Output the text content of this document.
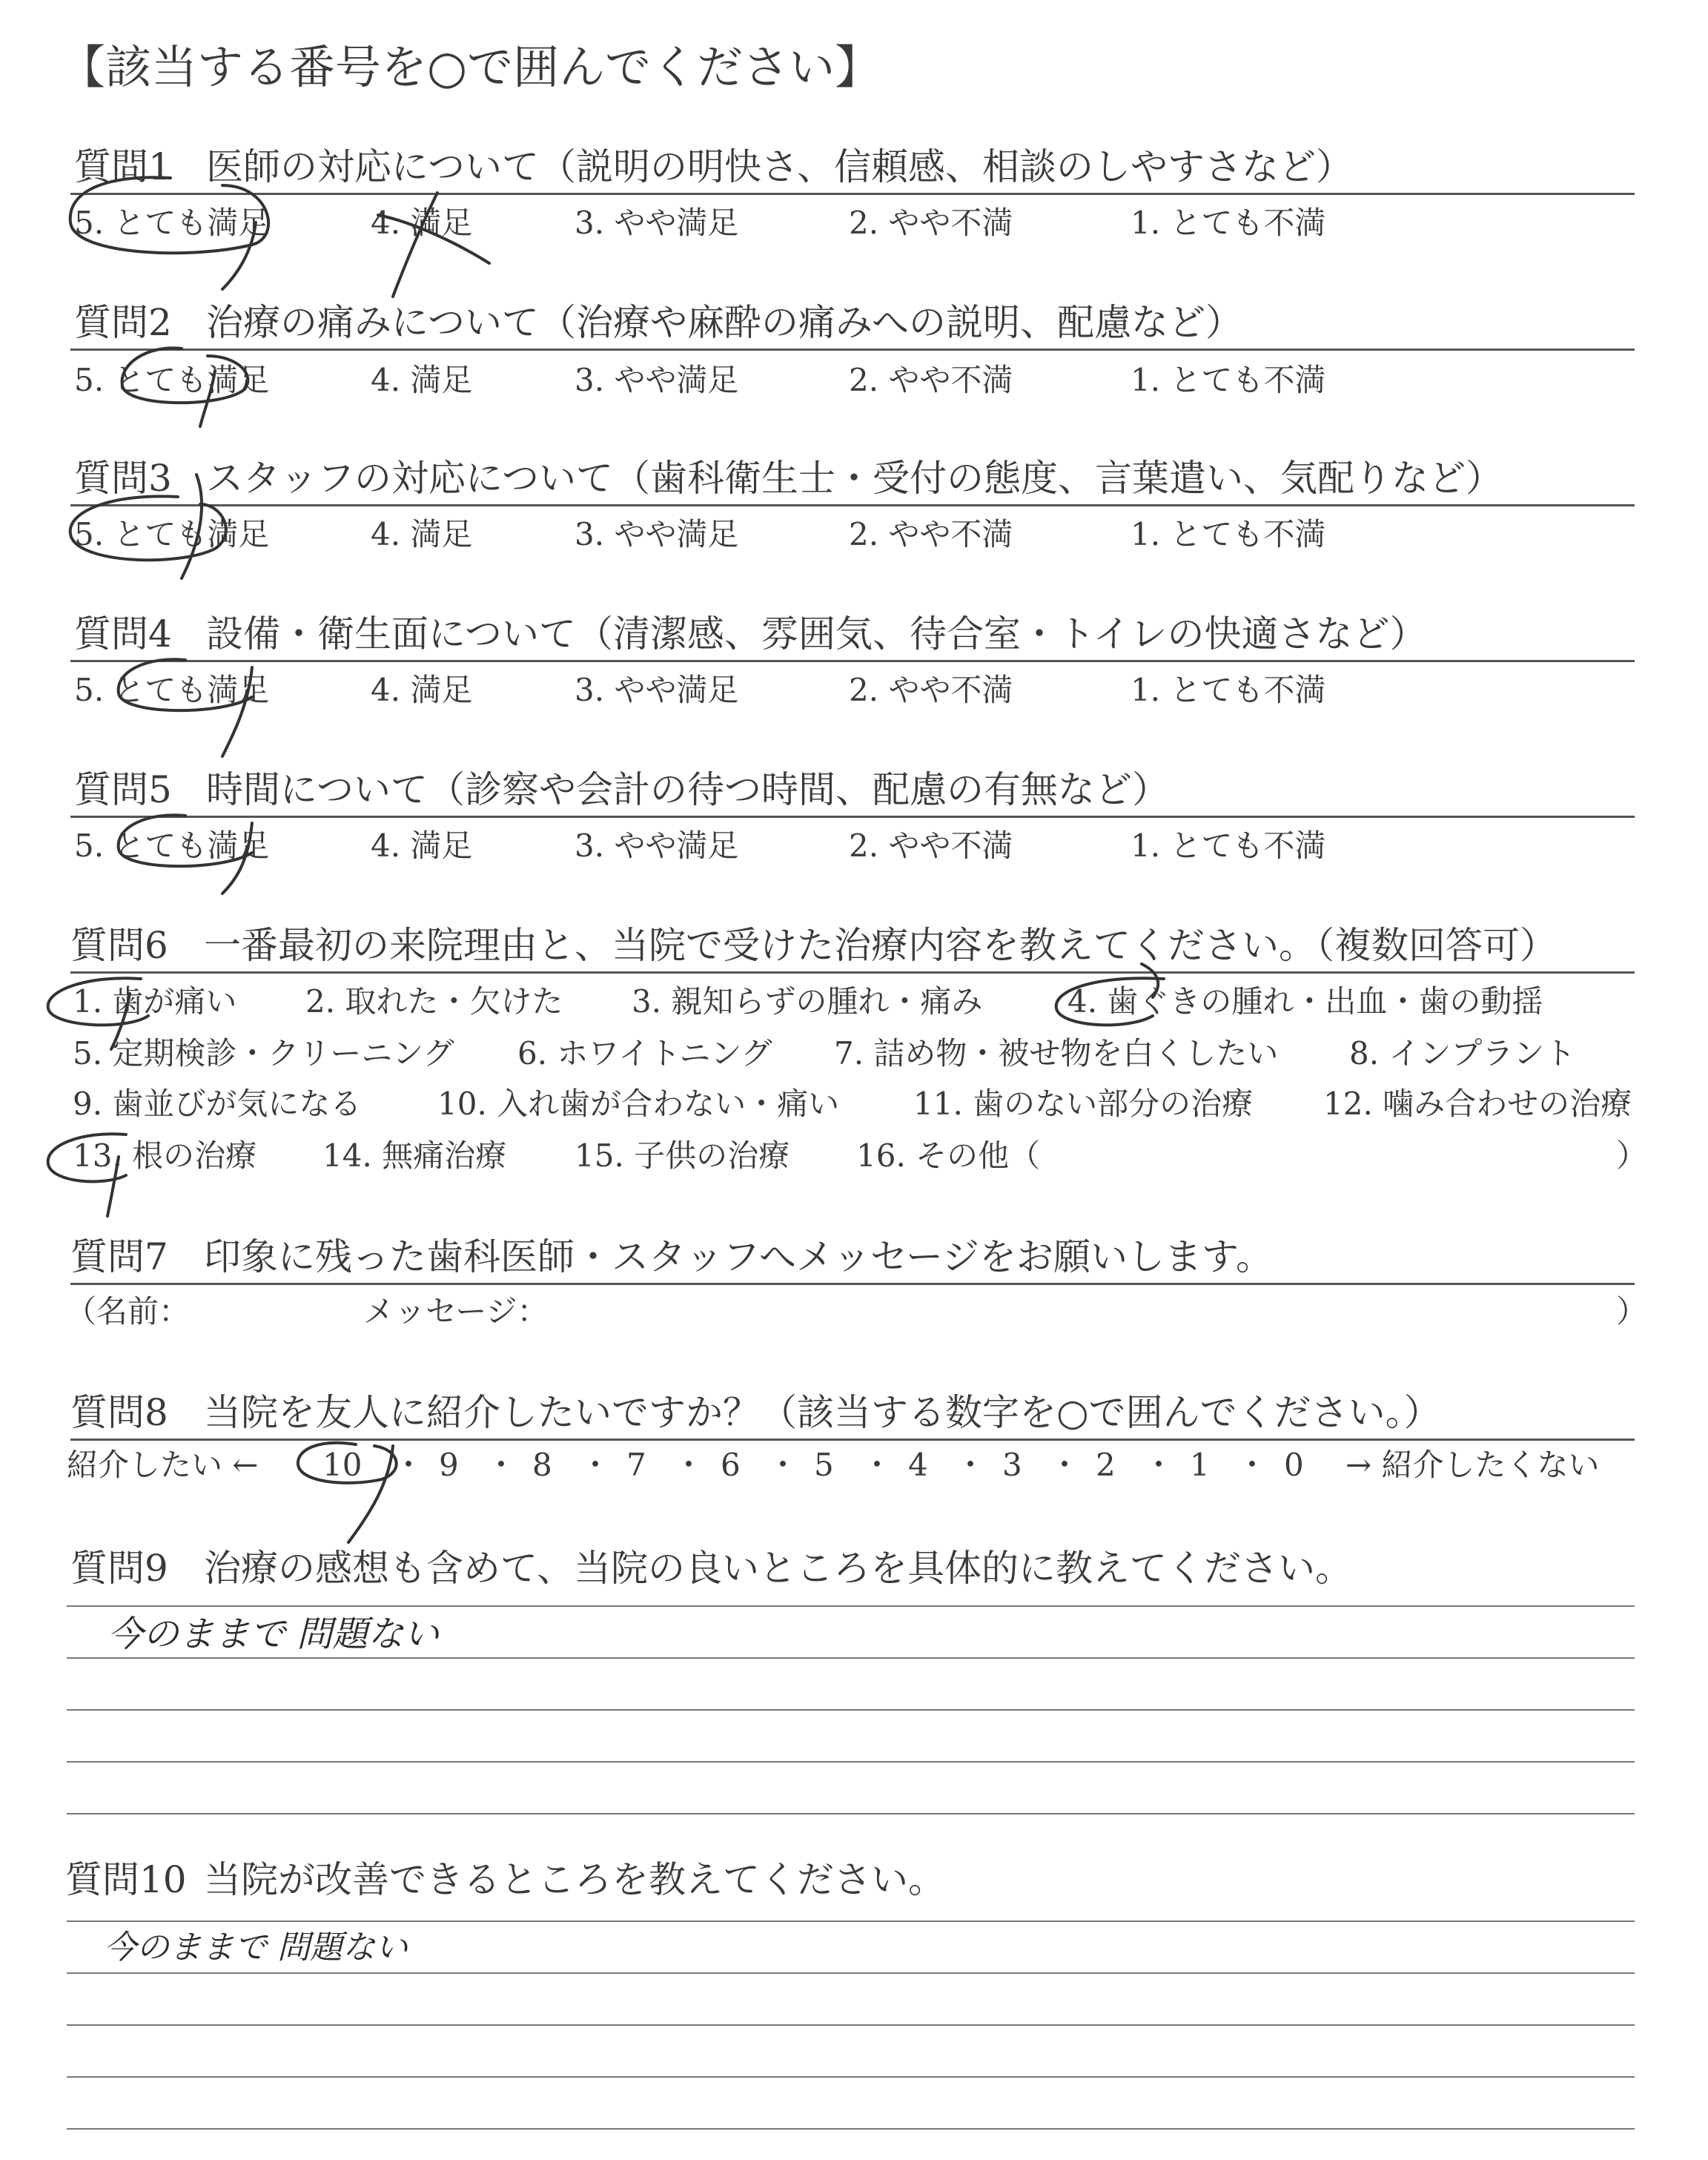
【該当する番号を○で囲んでください】
質問1 医師の対応について（説明の明快さ、信頼感、相談のしやすさなど）
5. とても満足	4. 満足	3. やや満足	2. やや不満	1. とても不満
質問2 治療の痛みについて（治療や麻酔の痛みへの説明、配慮など）
5. とても満足	4. 満足	3. やや満足	2. やや不満	1. とても不満
質問3 スタッフの対応について（歯科衛生士・受付の態度、言葉遣い、気配りなど）
5. とても満足	4. 満足	3. やや満足	2. やや不満	1. とても不満
質問4 設備・衛生面について（清潔感、雰囲気、待合室・トイレの快適さなど）
5. とても満足	4. 満足	3. やや満足	2. やや不満	1. とても不満
質問5 時間について（診察や会計の待つ時間、配慮の有無など）
5. とても満足	4. 満足	3. やや満足	2. やや不満	1. とても不満
質問6 一番最初の来院理由と、当院で受けた治療内容を教えてください。（複数回答可）
1. 歯が痛い 2. 取れた・欠けた 3. 親知らずの腫れ・痛み	4. 歯ぐきの腫れ・出血・歯の動揺
5. 定期検診・クリーニング 6. ホワイトニング 7. 詰め物・被せ物を白くしたい 8. インプラント
9. 歯並びが気になる 10. 入れ歯が合わない・痛い 11. 歯のない部分の治療 12. 噛み合わせの治療
13. 根の治療 14. 無痛治療 15. 子供の治療 16. その他（	）
質問7 印象に残った歯科医師・スタッフへメッセージをお願いします。
（名前：	メッセージ：	）
質問8 当院を友人に紹介したいですか？（該当する数字を○で囲んでください。）
紹介したい ← 10 9 8 7 6 5 4 3 2 1 0
・ ・ ・ ・ ・ ・ ・ ・ ・ ・ → 紹介したくない
質問9 治療の感想も含めて、当院の良いところを具体的に教えてください。
今のままで 問題ない
質問10 当院が改善できるところを教えてください。
今のままで 問題ない
